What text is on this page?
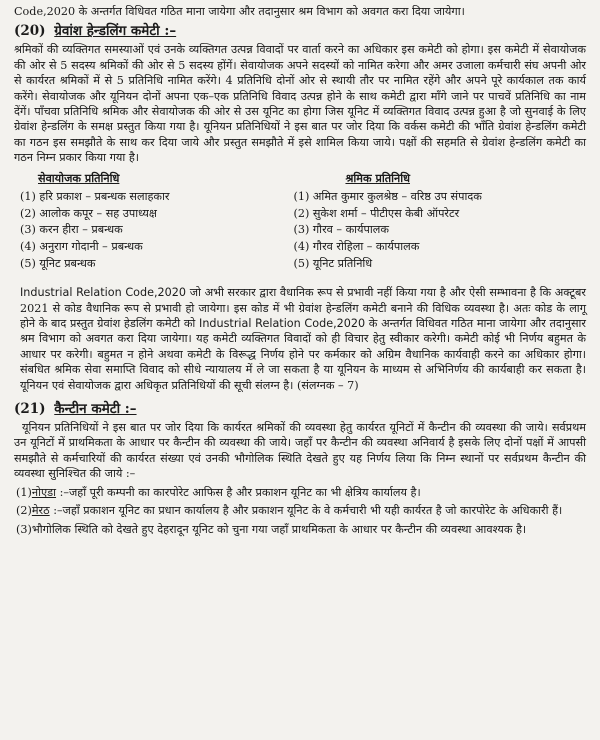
Code,2020 के अन्तर्गत विधिवत गठित माना जायेगा और तदानुसार श्रम विभाग को अवगत करा दिया जायेगा।

(20) ग्रेवांश हेन्डलिंग कमेटी :–

श्रमिकों की व्यक्तिगत समस्याओं एवं उनके व्यक्तिगत उत्पन्न विवादों पर वार्ता करने का अधिकार इस कमेटी को होगा। इस कमेटी में सेवायोजक की ओर से 5 सदस्य श्रमिकों की ओर से 5 सदस्य होंगें। सेवायोजक अपने सदस्यों को नामित करेगा और अमर उजाला कर्मचारी संघ अपनी ओर से कार्यरत श्रमिकों में से 5 प्रतिनिधि नामित करेंगे। 4 प्रतिनिधि दोनों ओर से स्थायी तौर पर नामित रहेंगे और अपने पूरे कार्यकाल तक कार्य करेंगे। सेवायोजक और यूनियन दोनों अपना एक–एक प्रतिनिधि विवाद उत्पन्न होने के साथ कमेटी द्वारा माँगे जाने पर पाचवें प्रतिनिधि का नाम देंगें। पाँचवा प्रतिनिधि श्रमिक और सेवायोजक की ओर से उस यूनिट का होगा जिस यूनिट में व्यक्तिगत विवाद उत्पन्न हुआ है जो सुनवाई के लिए ग्रेवांश हेन्डलिंग के समक्ष प्रस्तुत किया गया है। यूनियन प्रतिनिधियों ने इस बात पर जोर दिया कि वर्कस कमेटी की भाँति ग्रेवांश हेन्डलिंग कमेटी का गठन इस समझौते के साथ कर दिया जाये और प्रस्तुत समझौते में इसे शामिल किया जाये। पक्षों की सहमति से ग्रेवांश हेन्डलिंग कमेटी का गठन निम्न प्रकार किया गया है।

सेवायोजक प्रतिनिधि
(1) हरि प्रकाश – प्रबन्धक सलाहकार
(2) आलोक कपूर – सह उपाध्यक्ष
(3) करन हीरा – प्रबन्धक
(4) अनुराग गोदानी – प्रबन्धक
(5) यूनिट प्रबन्धक
श्रमिक प्रतिनिधि
(1) अमित कुमार कुलश्रेष्ठ – वरिष्ठ उप संपादक
(2) सुकेश शर्मा – पीटीएस केबी ऑपरेटर
(3) गौरव – कार्यपालक
(4) गौरव रोहिला – कार्यपालक
(5) यूनिट प्रतिनिधि

Industrial Relation Code,2020 जो अभी सरकार द्वारा वैधानिक रूप से प्रभावी नहीं किया गया है और ऐसी सम्भावना है कि अक्टूबर 2021 से कोड वैधानिक रूप से प्रभावी हो जायेगा। इस कोड में भी ग्रेवांश हेन्डलिंग कमेटी बनाने की विधिक व्यवस्था है। अतः कोड के लागू होने के बाद प्रस्तुत ग्रेवांश हेडलिंग कमेटी को Industrial Relation Code,2020 के अन्तर्गत विधिवत गठित माना जायेगा और तदानुसार श्रम विभाग को अवगत करा दिया जायेगा। यह कमेटी व्यक्तिगत विवादों को ही विचार हेतु स्वीकार करेगी। कमेटी कोई भी निर्णय बहुमत के आधार पर करेगी। बहुमत न होने अथवा कमेटी के विरूद्ध निर्णय होने पर कर्मकार को अग्रिम वैधानिक कार्यवाही करने का अधिकार होगा। संबधित श्रमिक सेवा समाप्ति विवाद को सीधे न्यायालय में ले जा सकता है या यूनियन के माध्यम से अभिनिर्णय की कार्यबाही कर सकता है। यूनियन एवं सेवायोजक द्वारा अधिकृत प्रतिनिधियों की सूची संलग्न है। (संलग्नक – 7)

(21) कैन्टीन कमेटी :–

यूनियन प्रतिनिधियों ने इस बात पर जोर दिया कि कार्यरत श्रमिकों की व्यवस्था हेतु कार्यरत यूनिटों में कैन्टीन की व्यवस्था की जाये। सर्वप्रथम उन यूनिटों में प्राथमिकता के आधार पर कैन्टीन की व्यवस्था की जाये। जहाँ पर कैन्टीन की व्यवस्था अनिवार्य है इसके लिए दोनों पक्षों में आपसी समझौते से कर्मचारियों की कार्यरत संख्या एवं उनकी भौगोलिक स्थिति देखते हुए यह निर्णय लिया कि निम्न स्थानों पर सर्वप्रथम कैन्टीन की व्यवस्था सुनिश्चित की जाये :–

(1)नोएडा :–जहाँ पूरी कम्पनी का कारपोरेट आफिस है और प्रकाशन यूनिट का भी क्षेत्रिय कार्यालय है।
(2)मेरठ :–जहाँ प्रकाशन यूनिट का प्रधान कार्यालय है और प्रकाशन यूनिट के वे कर्मचारी भी यही कार्यरत है जो कारपोरेट के अधिकारी हैं।
(3)भौगोलिक स्थिति को देखते हुए देहरादून यूनिट को चुना गया जहाँ प्राथमिकता के आधार पर कैन्टीन की व्यवस्था आवश्यक है।
